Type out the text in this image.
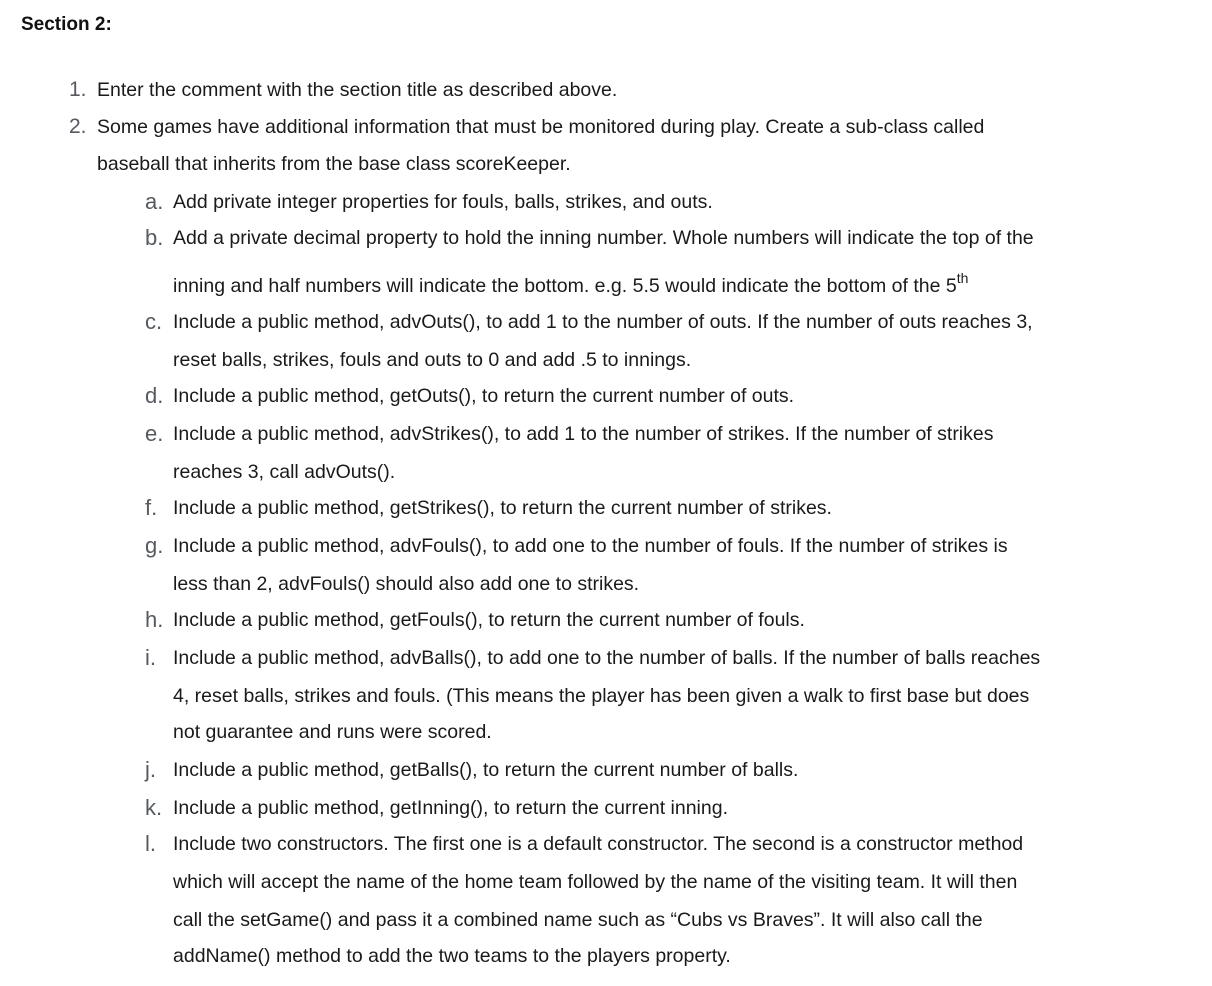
Section 2:
1. Enter the comment with the section title as described above.
2. Some games have additional information that must be monitored during play. Create a sub-class called
baseball that inherits from the base class scoreKeeper.
a. Add private integer properties for fouls, balls, strikes, and outs.
b. Add a private decimal property to hold the inning number. Whole numbers will indicate the top of the
inning and half numbers will indicate the bottom. e.g. 5.5 would indicate the bottom of the 5th
c. Include a public method, advOuts(), to add 1 to the number of outs. If the number of outs reaches 3,
reset balls, strikes, fouls and outs to 0 and add .5 to innings.
d. Include a public method, getOuts(), to return the current number of outs.
e. Include a public method, advStrikes(), to add 1 to the number of strikes. If the number of strikes
reaches 3, call advOuts().
f. Include a public method, getStrikes(), to return the current number of strikes.
g. Include a public method, advFouls(), to add one to the number of fouls. If the number of strikes is
less than 2, advFouls() should also add one to strikes.
h. Include a public method, getFouls(), to return the current number of fouls.
i. Include a public method, advBalls(), to add one to the number of balls. If the number of balls reaches
4, reset balls, strikes and fouls. (This means the player has been given a walk to first base but does
not guarantee and runs were scored.
j. Include a public method, getBalls(), to return the current number of balls.
k. Include a public method, getInning(), to return the current inning.
l. Include two constructors. The first one is a default constructor. The second is a constructor method
which will accept the name of the home team followed by the name of the visiting team. It will then
call the setGame() and pass it a combined name such as “Cubs vs Braves”. It will also call the
addName() method to add the two teams to the players property.
